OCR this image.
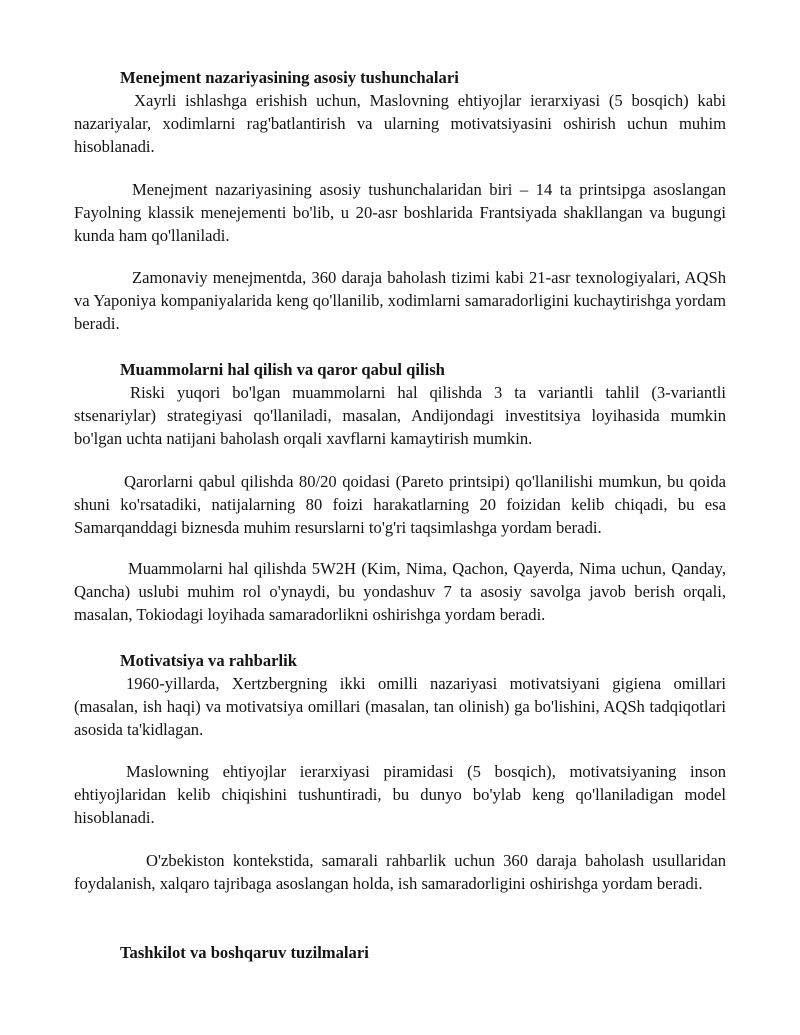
Menejment nazariyasining asosiy tushunchalari

Xayrli ishlashga erishish uchun, Maslovning ehtiyojlar ierarxiyasi (5 bosqich) kabi nazariyalar, xodimlarni rag'batlantirish va ularning motivatsiyasini oshirish uchun muhim hisoblanadi.

Menejment nazariyasining asosiy tushunchalaridan biri – 14 ta printsipga asoslangan Fayolning klassik menejementi bo'lib, u 20-asr boshlarida Frantsiyada shakllangan va bugungi kunda ham qo'llaniladi.

Zamonaviy menejmentda, 360 daraja baholash tizimi kabi 21-asr texnologiyalari, AQSh va Yaponiya kompaniyalarida keng qo'llanilib, xodimlarni samaradorligini kuchaytirishga yordam beradi.

Muammolarni hal qilish va qaror qabul qilish

Riski yuqori bo'lgan muammolarni hal qilishda 3 ta variantli tahlil (3-variantli stsenariylar) strategiyasi qo'llaniladi, masalan, Andijondagi investitsiya loyihasida mumkin bo'lgan uchta natijani baholash orqali xavflarni kamaytirish mumkin.

Qarorlarni qabul qilishda 80/20 qoidasi (Pareto printsipi) qo'llanilishi mumkun, bu qoida shuni ko'rsatadiki, natijalarning 80 foizi harakatlarning 20 foizidan kelib chiqadi, bu esa Samarqanddagi biznesda muhim resurslarni to'g'ri taqsimlashga yordam beradi.

Muammolarni hal qilishda 5W2H (Kim, Nima, Qachon, Qayerda, Nima uchun, Qanday, Qancha) uslubi muhim rol o'ynaydi, bu yondashuv 7 ta asosiy savolga javob berish orqali, masalan, Tokiodagi loyihada samaradorlikni oshirishga yordam beradi.

Motivatsiya va rahbarlik

1960-yillarda, Xertzbergning ikki omilli nazariyasi motivatsiyani gigiena omillari (masalan, ish haqi) va motivatsiya omillari (masalan, tan olinish) ga bo'lishini, AQSh tadqiqotlari asosida ta'kidlagan.

Maslowning ehtiyojlar ierarxiyasi piramidasi (5 bosqich), motivatsiyaning inson ehtiyojlaridan kelib chiqishini tushuntiradi, bu dunyo bo'ylab keng qo'llaniladigan model hisoblanadi.

O'zbekiston kontekstida, samarali rahbarlik uchun 360 daraja baholash usullaridan foydalanish, xalqaro tajribaga asoslangan holda, ish samaradorligini oshirishga yordam beradi.

Tashkilot va boshqaruv tuzilmalari
